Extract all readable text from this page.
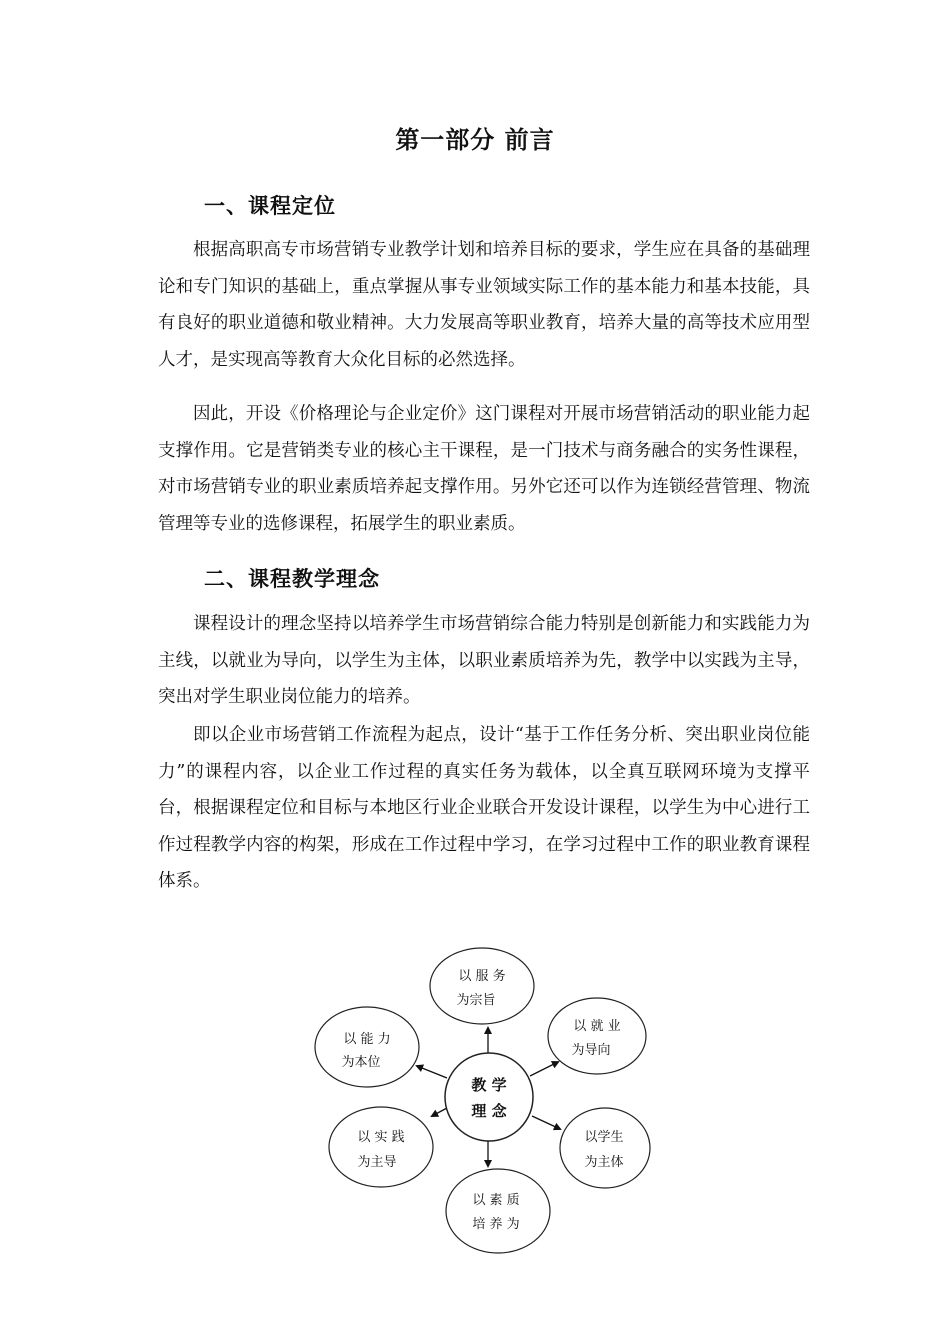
第一部分 前言
一、课程定位

根据高职高专市场营销专业教学计划和培养目标的要求，学生应在具备的基础理论和专门知识的基础上，重点掌握从事专业领域实际工作的基本能力和基本技能，具有良好的职业道德和敬业精神。大力发展高等职业教育，培养大量的高等技术应用型人才，是实现高等教育大众化目标的必然选择。

因此，开设《价格理论与企业定价》这门课程对开展市场营销活动的职业能力起支撑作用。它是营销类专业的核心主干课程，是一门技术与商务融合的实务性课程，对市场营销专业的职业素质培养起支撑作用。另外它还可以作为连锁经营管理、物流管理等专业的选修课程，拓展学生的职业素质。

二、课程教学理念

课程设计的理念坚持以培养学生市场营销综合能力特别是创新能力和实践能力为主线，以就业为导向，以学生为主体，以职业素质培养为先，教学中以实践为主导，突出对学生职业岗位能力的培养。

即以企业市场营销工作流程为起点，设计“基于工作任务分析、突出职业岗位能力”的课程内容，以企业工作过程的真实任务为载体，以全真互联网环境为支撑平台，根据课程定位和目标与本地区行业企业联合开发设计课程，以学生为中心进行工作过程教学内容的构架，形成在工作过程中学习，在学习过程中工作的职业教育课程体系。

教 学
理 念
以 服 务
为宗旨
以 就 业
为导向
以学生
为主体
以 素 质
培 养 为
以 实 践
为主导
以 能 力
为本位
